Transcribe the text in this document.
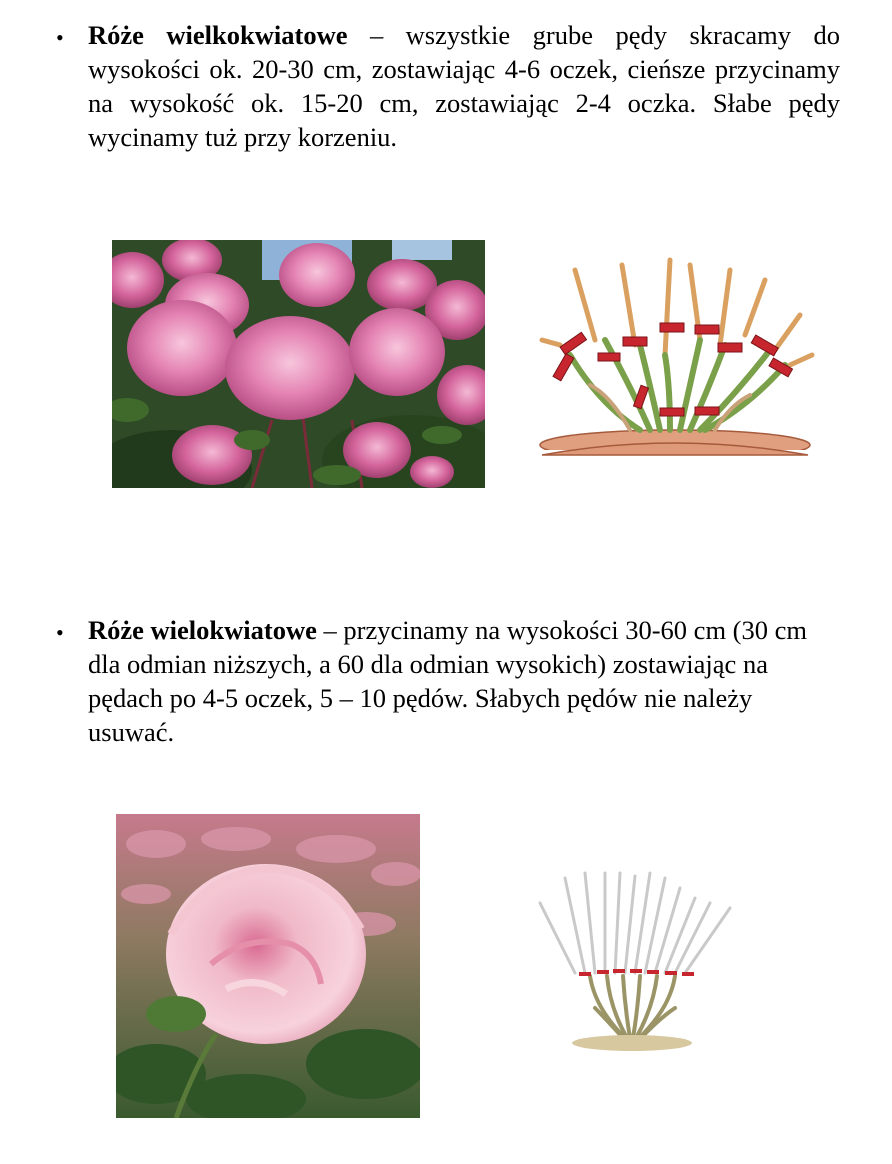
• Róże wielkokwiatowe – wszystkie grube pędy skracamy do wysokości ok. 20-30 cm, zostawiając 4-6 oczek, cieńsze przycinamy na wysokość ok. 15-20 cm, zostawiając 2-4 oczka. Słabe pędy wycinamy tuż przy korzeniu.

• Róże wielokwiatowe – przycinamy na wysokości 30-60 cm (30 cm dla odmian niższych, a 60 dla odmian wysokich) zostawiając na pędach po 4-5 oczek, 5 – 10 pędów. Słabych pędów nie należy usuwać.
